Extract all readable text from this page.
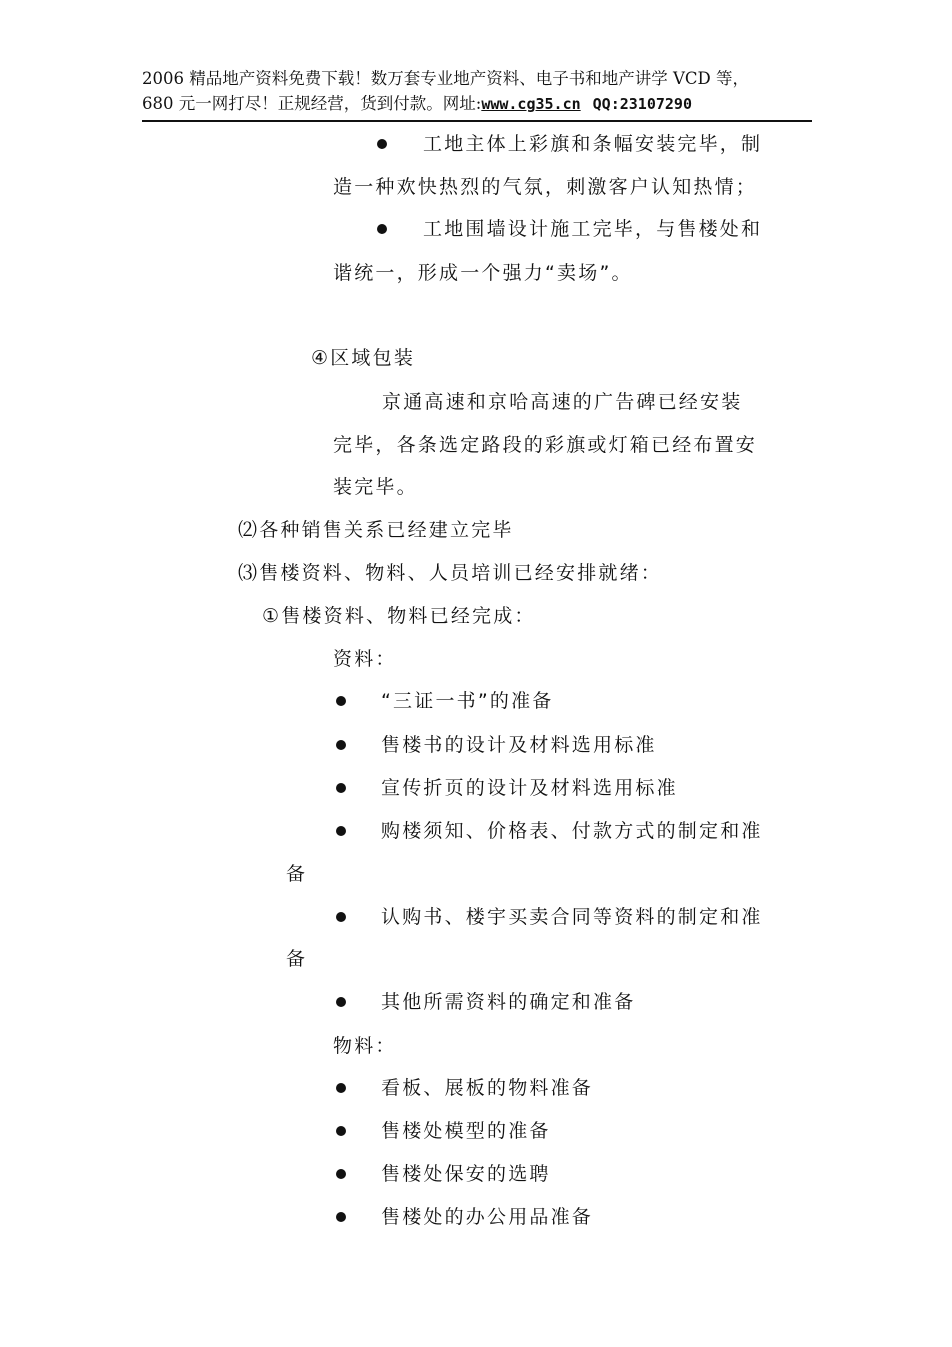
2006 精品地产资料免费下载！数万套专业地产资料、电子书和地产讲学 VCD 等，
680 元一网打尽！正规经营，货到付款。网址:www.cg35.cn QQ:23107290
工地主体上彩旗和条幅安装完毕，制
造一种欢快热烈的气氛，刺激客户认知热情；
工地围墙设计施工完毕，与售楼处和
谐统一，形成一个强力“卖场”。
④区域包装
京通高速和京哈高速的广告碑已经安装
完毕，各条选定路段的彩旗或灯箱已经布置安
装完毕。
⑵各种销售关系已经建立完毕
⑶售楼资料、物料、人员培训已经安排就绪：
①售楼资料、物料已经完成：
资料：
“三证一书”的准备
售楼书的设计及材料选用标准
宣传折页的设计及材料选用标准
购楼须知、价格表、付款方式的制定和准
备
认购书、楼宇买卖合同等资料的制定和准
备
其他所需资料的确定和准备
物料：
看板、展板的物料准备
售楼处模型的准备
售楼处保安的选聘
售楼处的办公用品准备
